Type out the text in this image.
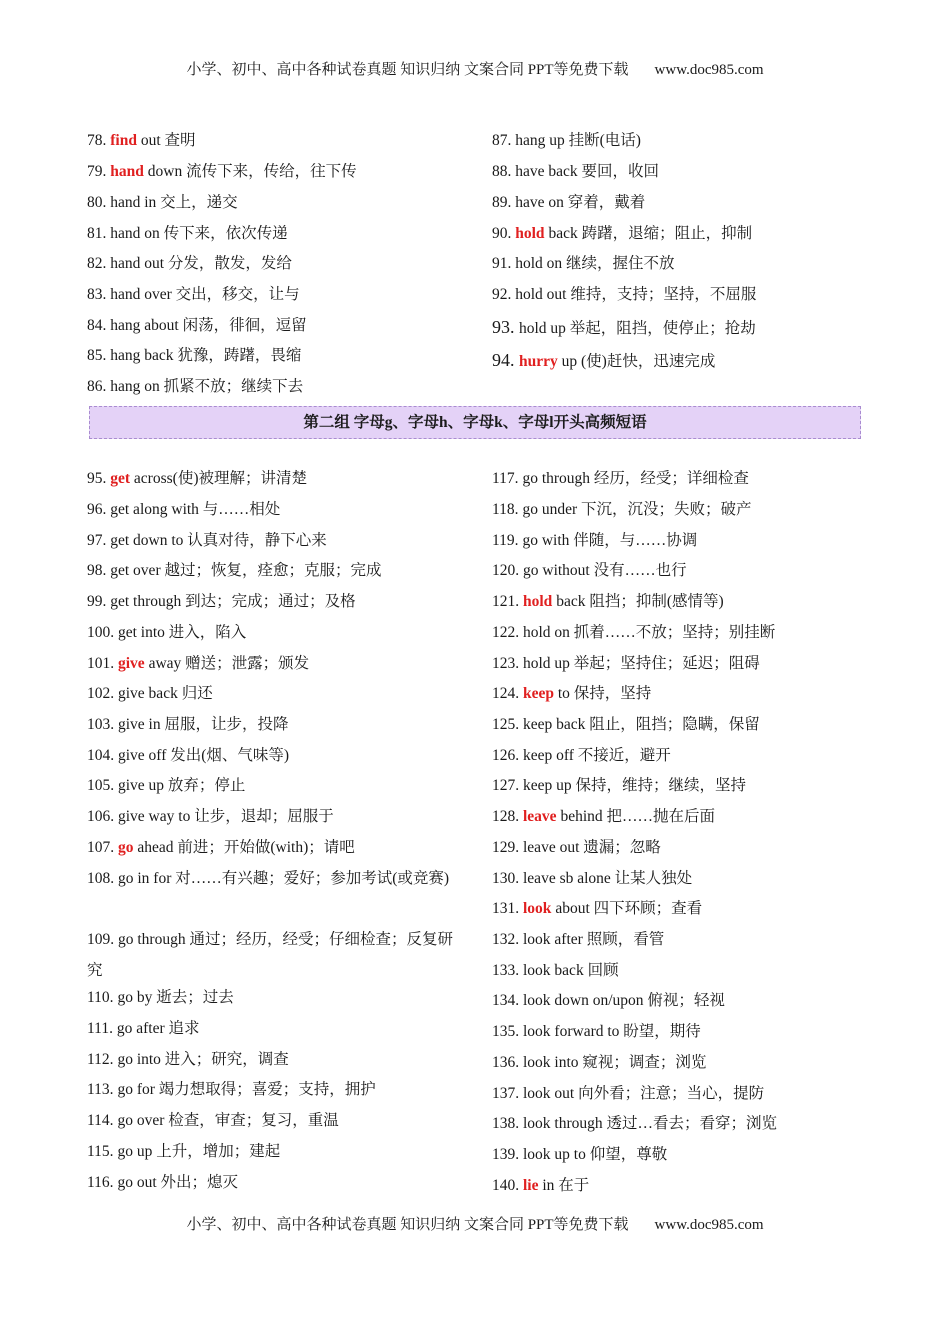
小学、初中、高中各种试卷真题 知识归纳 文案合同 PPT等免费下载 www.doc985.com
78. find out 查明
79. hand down 流传下来，传给，往下传
80. hand in 交上，递交
81. hand on 传下来，依次传递
82. hand out 分发，散发，发给
83. hand over 交出，移交，让与
84. hang about 闲荡，徘徊，逗留
85. hang back 犹豫，踌躇，畏缩
86. hang on 抓紧不放；继续下去
87. hang up 挂断(电话)
88. have back 要回，收回
89. have on 穿着，戴着
90. hold back 踌躇，退缩；阻止，抑制
91. hold on 继续，握住不放
92. hold out 维持，支持；坚持，不屈服
93. hold up 举起，阻挡，使停止；抢劫
94. hurry up (使)赶快，迅速完成
第二组 字母g、字母h、字母k、字母l开头高频短语
95. get across(使)被理解；讲清楚
96. get along with 与……相处
97. get down to 认真对待，静下心来
98. get over 越过；恢复，痊愈；克服；完成
99. get through 到达；完成；通过；及格
100. get into 进入，陷入
101. give away 赠送；泄露；颁发
102. give back 归还
103. give in 屈服，让步，投降
104. give off 发出(烟、气味等)
105. give up 放弃；停止
106. give way to 让步，退却；屈服于
107. go ahead 前进；开始做(with)；请吧
108. go in for 对……有兴趣；爱好；参加考试(或竞赛)
109. go through 通过；经历，经受；仔细检查；反复研究
110. go by 逝去；过去
111. go after 追求
112. go into 进入；研究，调查
113. go for 竭力想取得；喜爱；支持，拥护
114. go over 检查，审查；复习，重温
115. go up 上升，增加；建起
116. go out 外出；熄灭
117. go through 经历，经受；详细检查
118. go under 下沉，沉没；失败；破产
119. go with 伴随，与……协调
120. go without 没有……也行
121. hold back 阻挡；抑制(感情等)
122. hold on 抓着……不放；坚持；别挂断
123. hold up 举起；坚持住；延迟；阻碍
124. keep to 保持，坚持
125. keep back 阻止，阻挡；隐瞒，保留
126. keep off 不接近，避开
127. keep up 保持，维持；继续，坚持
128. leave behind 把……抛在后面
129. leave out 遗漏；忽略
130. leave sb alone 让某人独处
131. look about 四下环顾；查看
132. look after 照顾，看管
133. look back 回顾
134. look down on/upon 俯视；轻视
135. look forward to 盼望，期待
136. look into 窥视；调查；浏览
137. look out 向外看；注意；当心，提防
138. look through 透过…看去；看穿；浏览
139. look up to 仰望，尊敬
140. lie in 在于
小学、初中、高中各种试卷真题 知识归纳 文案合同 PPT等免费下载 www.doc985.com
